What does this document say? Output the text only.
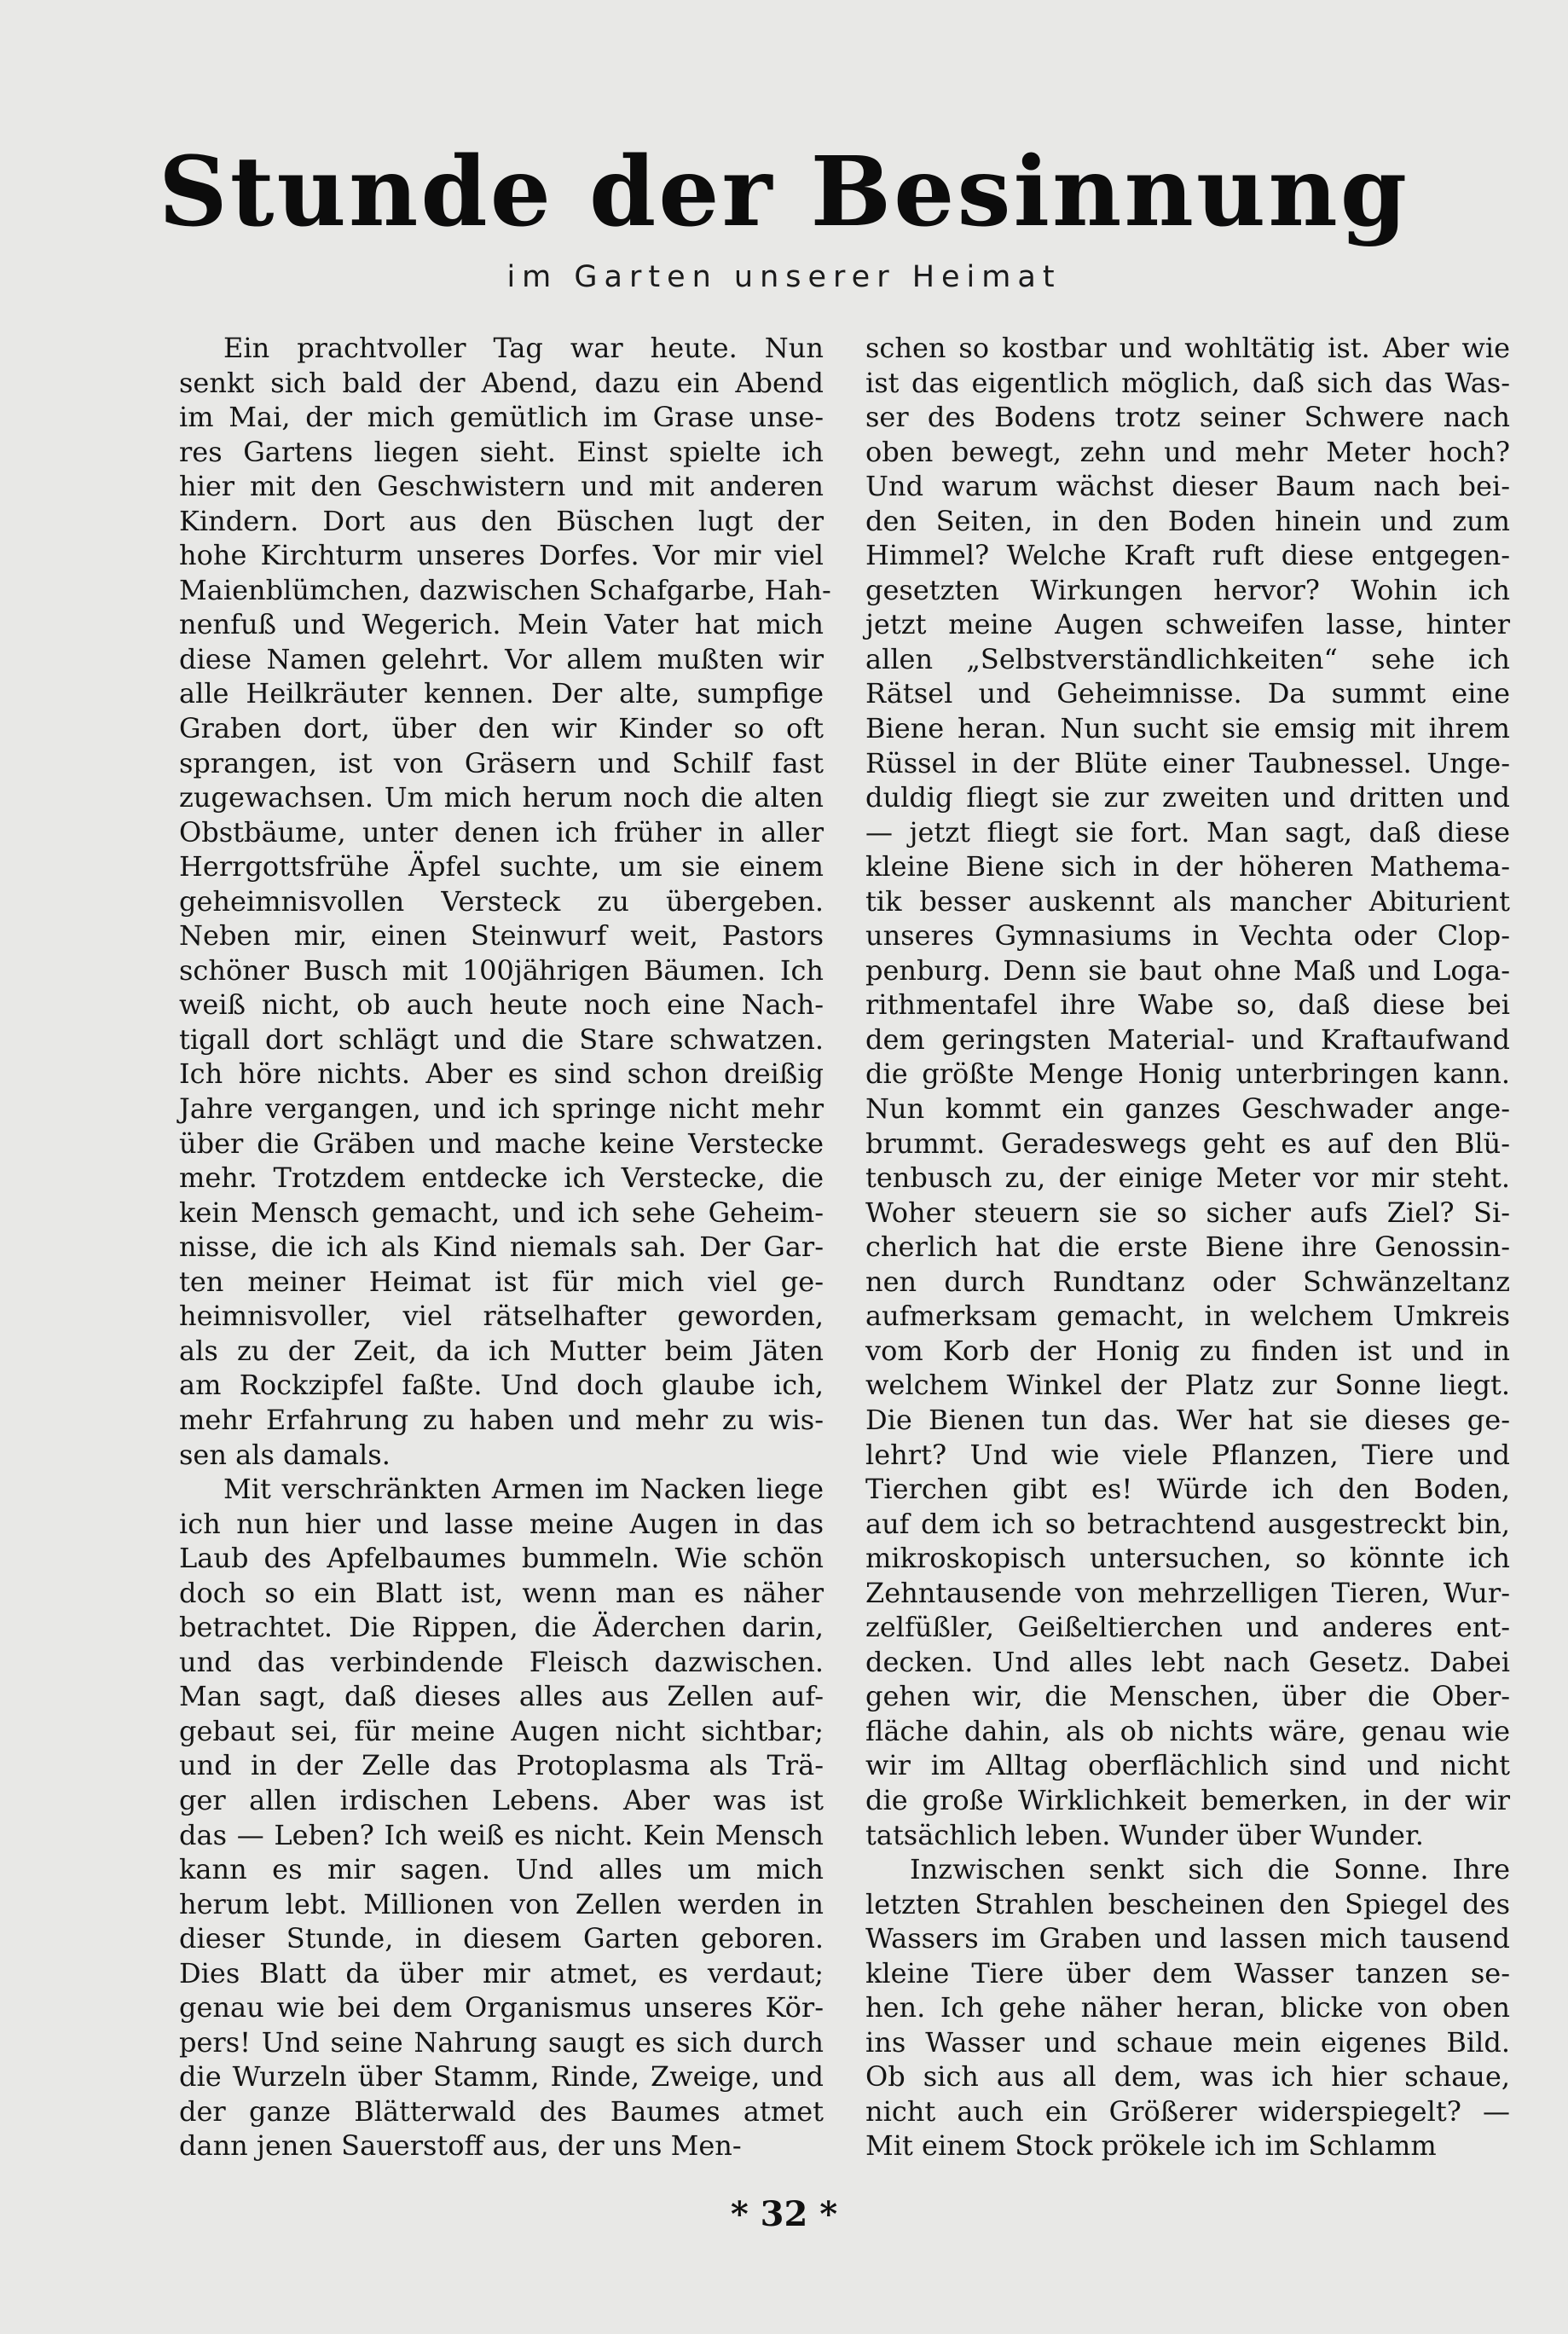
Stunde der Besinnung
im Garten unserer Heimat
Ein prachtvoller Tag war heute. Nun
senkt sich bald der Abend, dazu ein Abend
im Mai, der mich gemütlich im Grase unse-
res Gartens liegen sieht. Einst spielte ich
hier mit den Geschwistern und mit anderen
Kindern. Dort aus den Büschen lugt der
hohe Kirchturm unseres Dorfes. Vor mir viel
Maienblümchen, dazwischen Schafgarbe, Hah-
nenfuß und Wegerich. Mein Vater hat mich
diese Namen gelehrt. Vor allem mußten wir
alle Heilkräuter kennen. Der alte, sumpfige
Graben dort, über den wir Kinder so oft
sprangen, ist von Gräsern und Schilf fast
zugewachsen. Um mich herum noch die alten
Obstbäume, unter denen ich früher in aller
Herrgottsfrühe Äpfel suchte, um sie einem
geheimnisvollen Versteck zu übergeben.
Neben mir, einen Steinwurf weit, Pastors
schöner Busch mit 100jährigen Bäumen. Ich
weiß nicht, ob auch heute noch eine Nach-
tigall dort schlägt und die Stare schwatzen.
Ich höre nichts. Aber es sind schon dreißig
Jahre vergangen, und ich springe nicht mehr
über die Gräben und mache keine Verstecke
mehr. Trotzdem entdecke ich Verstecke, die
kein Mensch gemacht, und ich sehe Geheim-
nisse, die ich als Kind niemals sah. Der Gar-
ten meiner Heimat ist für mich viel ge-
heimnisvoller, viel rätselhafter geworden,
als zu der Zeit, da ich Mutter beim Jäten
am Rockzipfel faßte. Und doch glaube ich,
mehr Erfahrung zu haben und mehr zu wis-
sen als damals.
Mit verschränkten Armen im Nacken liege
ich nun hier und lasse meine Augen in das
Laub des Apfelbaumes bummeln. Wie schön
doch so ein Blatt ist, wenn man es näher
betrachtet. Die Rippen, die Äderchen darin,
und das verbindende Fleisch dazwischen.
Man sagt, daß dieses alles aus Zellen auf-
gebaut sei, für meine Augen nicht sichtbar;
und in der Zelle das Protoplasma als Trä-
ger allen irdischen Lebens. Aber was ist
das — Leben? Ich weiß es nicht. Kein Mensch
kann es mir sagen. Und alles um mich
herum lebt. Millionen von Zellen werden in
dieser Stunde, in diesem Garten geboren.
Dies Blatt da über mir atmet, es verdaut;
genau wie bei dem Organismus unseres Kör-
pers! Und seine Nahrung saugt es sich durch
die Wurzeln über Stamm, Rinde, Zweige, und
der ganze Blätterwald des Baumes atmet
dann jenen Sauerstoff aus, der uns Men-
schen so kostbar und wohltätig ist. Aber wie
ist das eigentlich möglich, daß sich das Was-
ser des Bodens trotz seiner Schwere nach
oben bewegt, zehn und mehr Meter hoch?
Und warum wächst dieser Baum nach bei-
den Seiten, in den Boden hinein und zum
Himmel? Welche Kraft ruft diese entgegen-
gesetzten Wirkungen hervor? Wohin ich
jetzt meine Augen schweifen lasse, hinter
allen „Selbstverständlichkeiten“ sehe ich
Rätsel und Geheimnisse. Da summt eine
Biene heran. Nun sucht sie emsig mit ihrem
Rüssel in der Blüte einer Taubnessel. Unge-
duldig fliegt sie zur zweiten und dritten und
— jetzt fliegt sie fort. Man sagt, daß diese
kleine Biene sich in der höheren Mathema-
tik besser auskennt als mancher Abiturient
unseres Gymnasiums in Vechta oder Clop-
penburg. Denn sie baut ohne Maß und Loga-
rithmentafel ihre Wabe so, daß diese bei
dem geringsten Material- und Kraftaufwand
die größte Menge Honig unterbringen kann.
Nun kommt ein ganzes Geschwader ange-
brummt. Geradeswegs geht es auf den Blü-
tenbusch zu, der einige Meter vor mir steht.
Woher steuern sie so sicher aufs Ziel? Si-
cherlich hat die erste Biene ihre Genossin-
nen durch Rundtanz oder Schwänzeltanz
aufmerksam gemacht, in welchem Umkreis
vom Korb der Honig zu finden ist und in
welchem Winkel der Platz zur Sonne liegt.
Die Bienen tun das. Wer hat sie dieses ge-
lehrt? Und wie viele Pflanzen, Tiere und
Tierchen gibt es! Würde ich den Boden,
auf dem ich so betrachtend ausgestreckt bin,
mikroskopisch untersuchen, so könnte ich
Zehntausende von mehrzelligen Tieren, Wur-
zelfüßler, Geißeltierchen und anderes ent-
decken. Und alles lebt nach Gesetz. Dabei
gehen wir, die Menschen, über die Ober-
fläche dahin, als ob nichts wäre, genau wie
wir im Alltag oberflächlich sind und nicht
die große Wirklichkeit bemerken, in der wir
tatsächlich leben. Wunder über Wunder.
Inzwischen senkt sich die Sonne. Ihre
letzten Strahlen bescheinen den Spiegel des
Wassers im Graben und lassen mich tausend
kleine Tiere über dem Wasser tanzen se-
hen. Ich gehe näher heran, blicke von oben
ins Wasser und schaue mein eigenes Bild.
Ob sich aus all dem, was ich hier schaue,
nicht auch ein Größerer widerspiegelt? —
Mit einem Stock prökele ich im Schlamm
* 32 *
